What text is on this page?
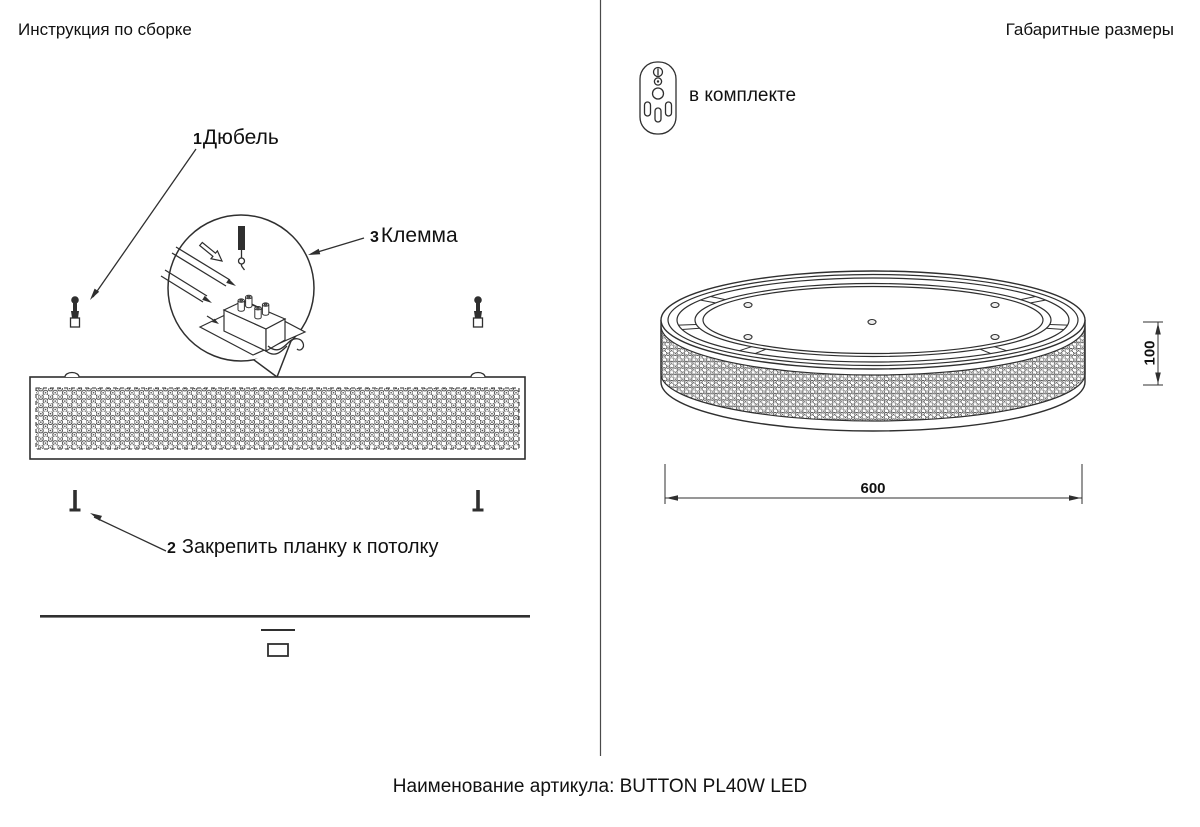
Инструкция по сборке	Габаритные размеры
в комплекте
1 Дюбель
3 Клемма
2 Закрепить планку к потолку
600
100
Наименование артикула: BUTTON PL40W LED
